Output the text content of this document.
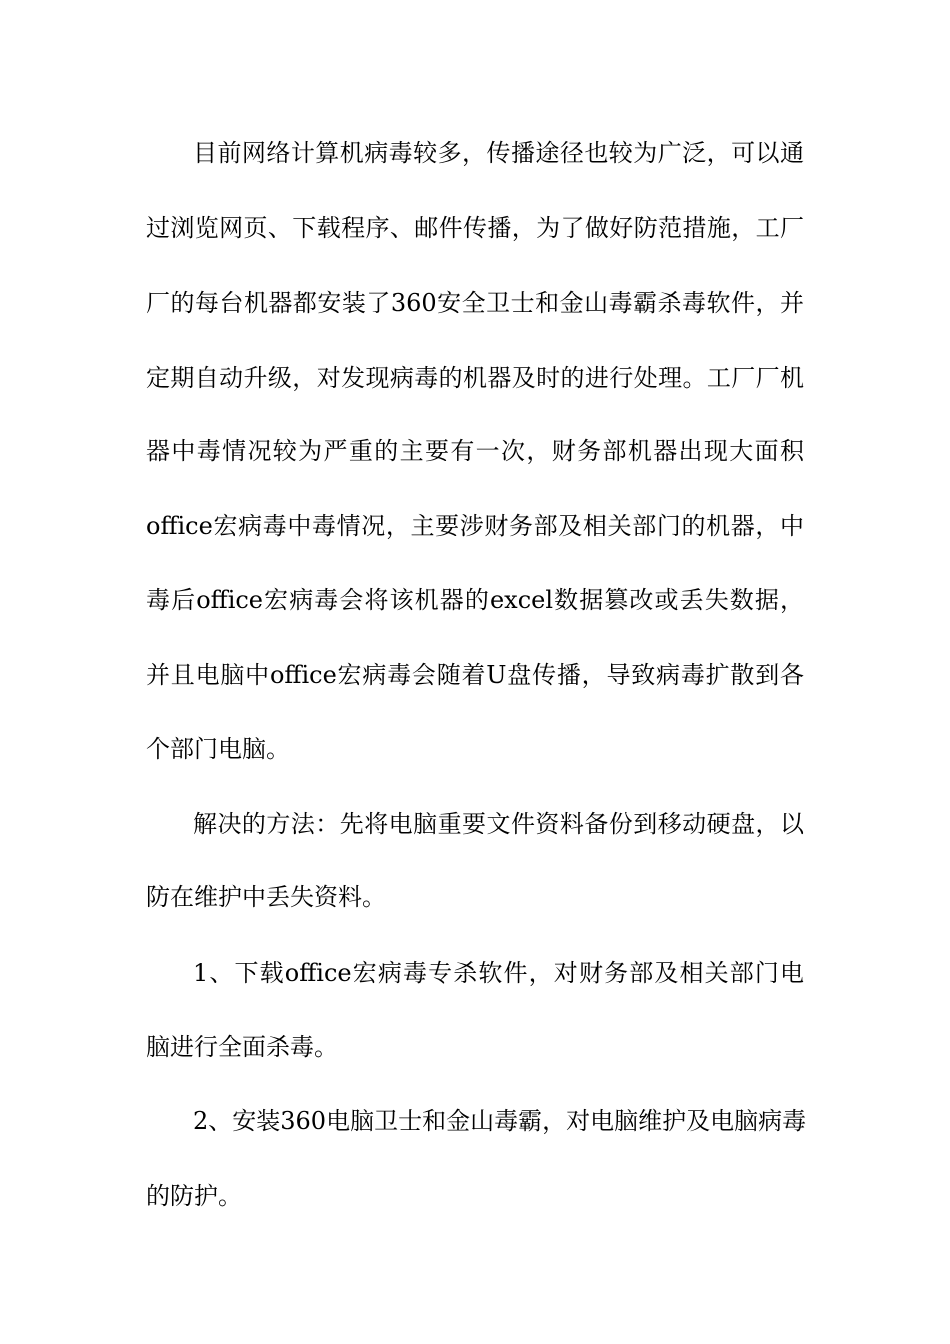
目前网络计算机病毒较多，传播途径也较为广泛，可以通
过浏览网页、下载程序、邮件传播，为了做好防范措施，工厂
厂的每台机器都安装了360安全卫士和金山毒霸杀毒软件，并
定期自动升级，对发现病毒的机器及时的进行处理。工厂厂机
器中毒情况较为严重的主要有一次，财务部机器出现大面积
office宏病毒中毒情况，主要涉财务部及相关部门的机器，中
毒后office宏病毒会将该机器的excel数据篡改或丢失数据，
并且电脑中office宏病毒会随着U盘传播，导致病毒扩散到各
个部门电脑。
解决的方法：先将电脑重要文件资料备份到移动硬盘，以
防在维护中丢失资料。
1、下载office宏病毒专杀软件，对财务部及相关部门电
脑进行全面杀毒。
2、安装360电脑卫士和金山毒霸，对电脑维护及电脑病毒
的防护。
